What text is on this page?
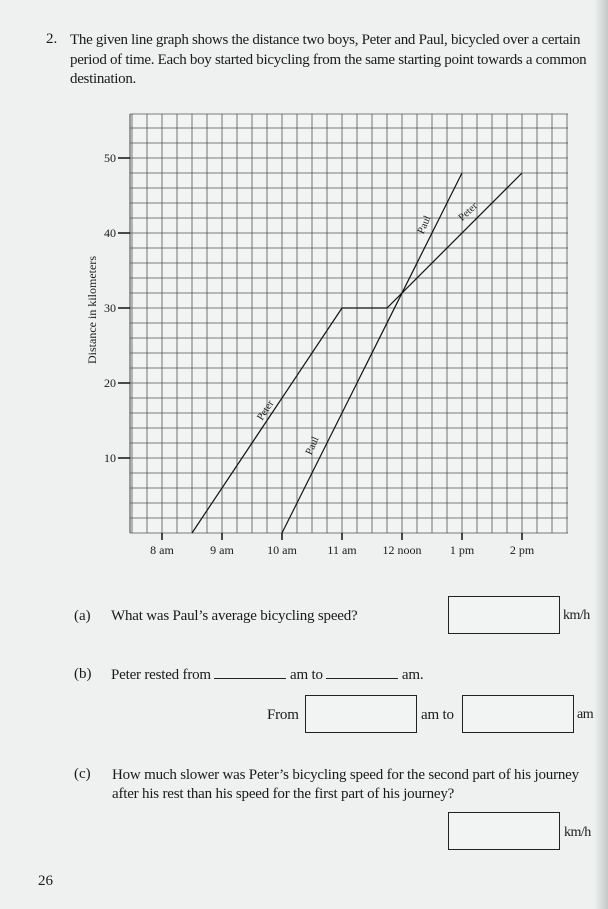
2. The given line graph shows the distance two boys, Peter and Paul, bicycled over a certain period of time. Each boy started bicycling from the same starting point towards a common destination.
10
20
30
40
50
8 am	9 am	10 am	11 am 12 noon 1 pm	2 pm
Distance in kilometers
Peter
Paul
Paul
Peter
(a) What was Paul’s average bicycling speed?	km/h
(b) Peter rested from	am to	am.
From	am to	am
(c) How much slower was Peter’s bicycling speed for the second part of his journey after his rest than his speed for the first part of his journey?
km/h
26
